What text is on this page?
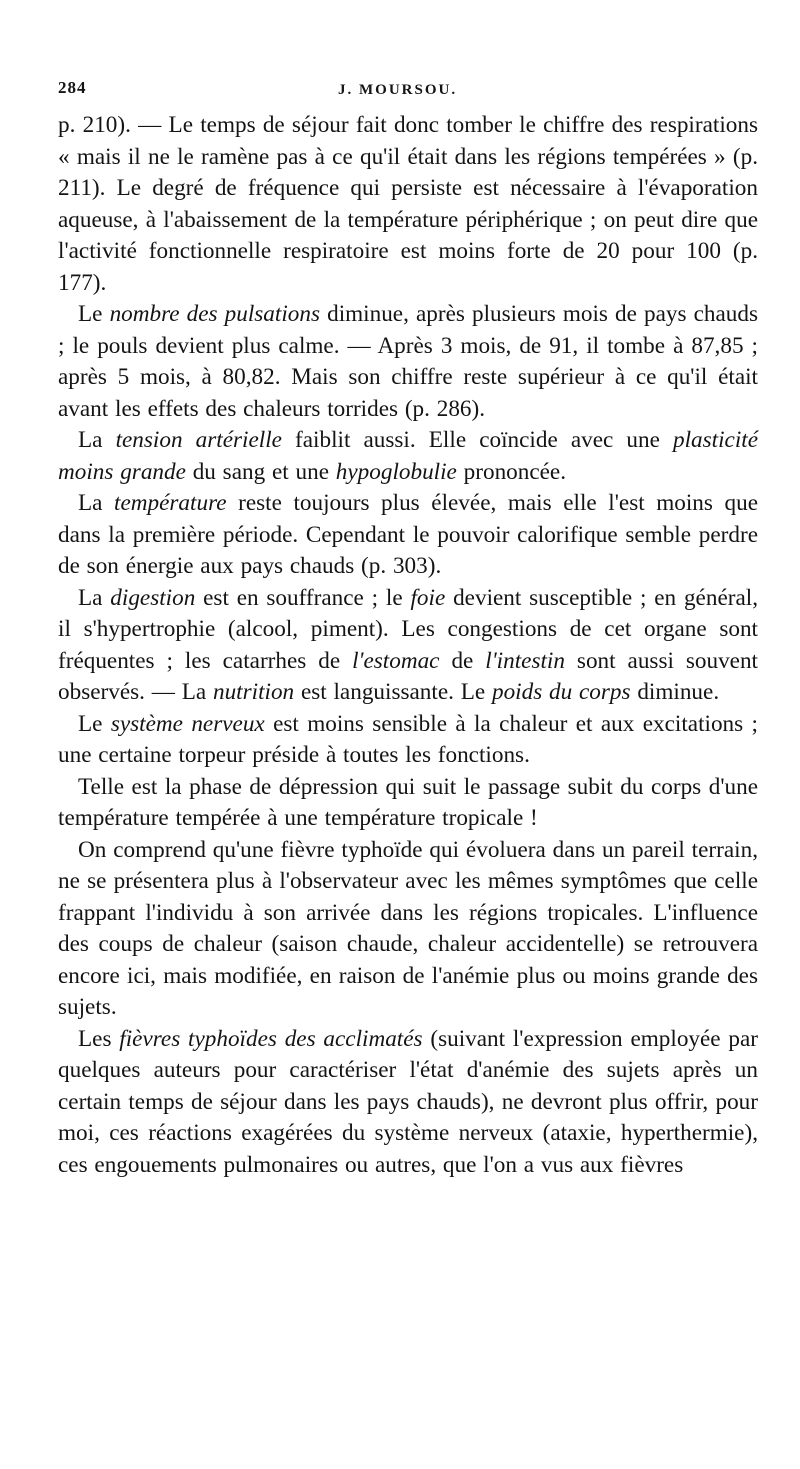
284	J. MOURSOU.

p. 210). — Le temps de séjour fait donc tomber le chiffre des respirations « mais il ne le ramène pas à ce qu'il était dans les régions tempérées » (p. 211). Le degré de fréquence qui persiste est nécessaire à l'évaporation aqueuse, à l'abaissement de la température périphérique ; on peut dire que l'activité fonctionnelle respiratoire est moins forte de 20 pour 100 (p. 177).

Le nombre des pulsations diminue, après plusieurs mois de pays chauds ; le pouls devient plus calme. — Après 3 mois, de 91, il tombe à 87,85 ; après 5 mois, à 80,82. Mais son chiffre reste supérieur à ce qu'il était avant les effets des chaleurs torrides (p. 286).

La tension artérielle faiblit aussi. Elle coïncide avec une plasticité moins grande du sang et une hypoglobulie prononcée.

La température reste toujours plus élevée, mais elle l'est moins que dans la première période. Cependant le pouvoir calorifique semble perdre de son énergie aux pays chauds (p. 303).

La digestion est en souffrance ; le foie devient susceptible ; en général, il s'hypertrophie (alcool, piment). Les congestions de cet organe sont fréquentes ; les catarrhes de l'estomac de l'intestin sont aussi souvent observés. — La nutrition est languissante. Le poids du corps diminue.

Le système nerveux est moins sensible à la chaleur et aux excitations ; une certaine torpeur préside à toutes les fonctions.

Telle est la phase de dépression qui suit le passage subit du corps d'une température tempérée à une température tropicale !

On comprend qu'une fièvre typhoïde qui évoluera dans un pareil terrain, ne se présentera plus à l'observateur avec les mêmes symptômes que celle frappant l'individu à son arrivée dans les régions tropicales. L'influence des coups de chaleur (saison chaude, chaleur accidentelle) se retrouvera encore ici, mais modifiée, en raison de l'anémie plus ou moins grande des sujets.

Les fièvres typhoïdes des acclimatés (suivant l'expression employée par quelques auteurs pour caractériser l'état d'anémie des sujets après un certain temps de séjour dans les pays chauds), ne devront plus offrir, pour moi, ces réactions exagérées du système nerveux (ataxie, hyperthermie), ces engouements pulmonaires ou autres, que l'on a vus aux fièvres
